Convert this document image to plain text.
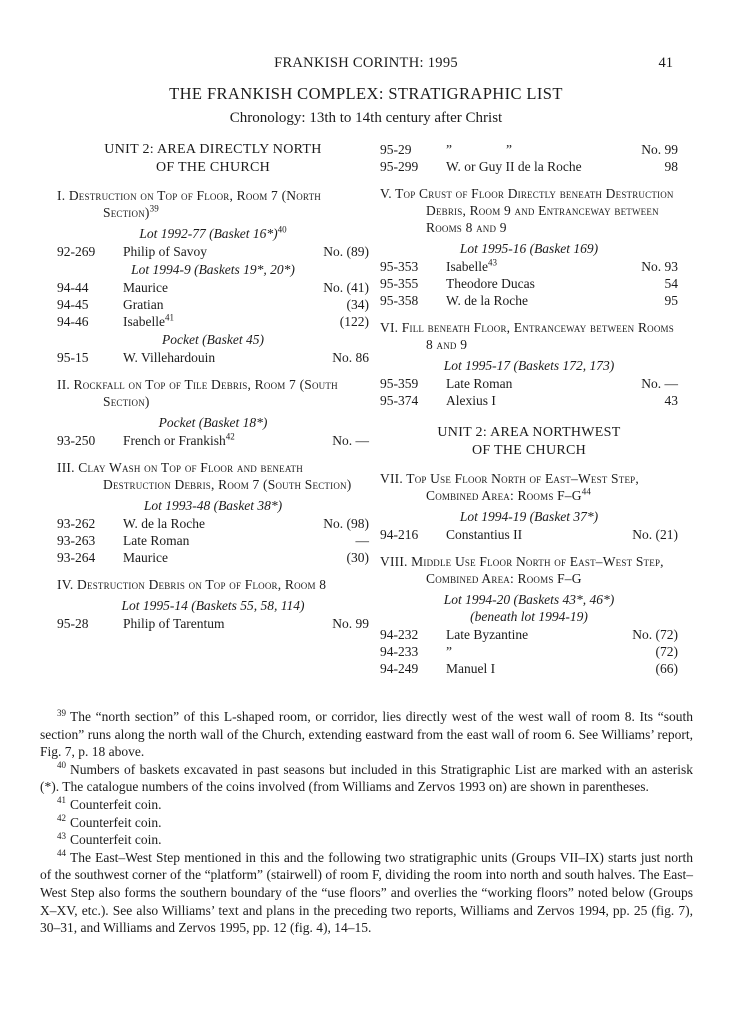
FRANKISH CORINTH: 1995	41
THE FRANKISH COMPLEX: STRATIGRAPHIC LIST
Chronology: 13th to 14th century after Christ
UNIT 2: AREA DIRECTLY NORTH
OF THE CHURCH
I. Destruction on Top of Floor, Room 7 (North Section)$^{39}$
Lot 1992-77 (Basket 16*)$^{40}$
92-269	Philip of Savoy	No. (89)
Lot 1994-9 (Baskets 19*, 20*)
94-44	Maurice	No. (41)
94-45	Gratian	(34)
94-46	Isabelle$^{41}$	(122)
Pocket (Basket 45)
95-15	W. Villehardouin	No. 86
II. Rockfall on Top of Tile Debris, Room 7 (South Section)
Pocket (Basket 18*)
93-250	French or Frankish$^{42}$	No. —
III. Clay Wash on Top of Floor and beneath Destruction Debris, Room 7 (South Section)
Lot 1993-48 (Basket 38*)
93-262	W. de la Roche	No. (98)
93-263	Late Roman	—
93-264	Maurice	(30)
IV. Destruction Debris on Top of Floor, Room 8
Lot 1995-14 (Baskets 55, 58, 114)
95-28	Philip of Tarentum	No. 99
95-29	”    ”	No. 99
95-299	W. or Guy II de la Roche	98
V. Top Crust of Floor Directly beneath Destruction Debris, Room 9 and Entranceway between Rooms 8 and 9
Lot 1995-16 (Basket 169)
95-353	Isabelle$^{43}$	No. 93
95-355	Theodore Ducas	54
95-358	W. de la Roche	95
VI. Fill beneath Floor, Entranceway between Rooms 8 and 9
Lot 1995-17 (Baskets 172, 173)
95-359	Late Roman	No. —
95-374	Alexius I	43
UNIT 2: AREA NORTHWEST
OF THE CHURCH
VII. Top Use Floor North of East–West Step, Combined Area: Rooms F–G$^{44}$
Lot 1994-19 (Basket 37*)
94-216	Constantius II	No. (21)
VIII. Middle Use Floor North of East–West Step, Combined Area: Rooms F–G
Lot 1994-20 (Baskets 43*, 46*)
(beneath lot 1994-19)
94-232	Late Byzantine	No. (72)
94-233	”	(72)
94-249	Manuel I	(66)

$^{39}$ The “north section” of this L-shaped room, or corridor, lies directly west of the west wall of room 8. Its “south section” runs along the north wall of the Church, extending eastward from the east wall of room 6. See Williams’ report, Fig. 7, p. 18 above.

$^{40}$ Numbers of baskets excavated in past seasons but included in this Stratigraphic List are marked with an asterisk (*). The catalogue numbers of the coins involved (from Williams and Zervos 1993 on) are shown in parentheses.

$^{41}$ Counterfeit coin.

$^{42}$ Counterfeit coin.

$^{43}$ Counterfeit coin.

$^{44}$ The East–West Step mentioned in this and the following two stratigraphic units (Groups VII–IX) starts just north of the southwest corner of the “platform” (stairwell) of room F, dividing the room into north and south halves. The East–West Step also forms the southern boundary of the “use floors” and overlies the “working floors” noted below (Groups X–XV, etc.). See also Williams’ text and plans in the preceding two reports, Williams and Zervos 1994, pp. 25 (fig. 7), 30–31, and Williams and Zervos 1995, pp. 12 (fig. 4), 14–15.
